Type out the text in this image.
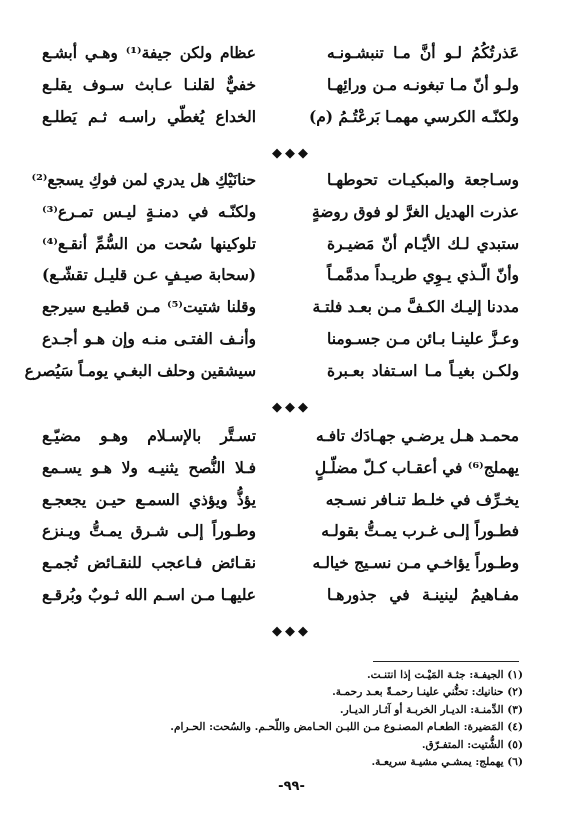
عَذرتُكُمُ لـو أنَّ مـا تنبشـونـه
عظام ولكن جيفة⁽¹⁾ وهـي أبشـع
ولـو أنّ مـا تبغونـه مـن ورائِهـا
خفيٌّ لقلنـا عـابث سـوف يقلـع
ولكنّـه الكرسي مهمـا بَرعْتُـمُ (م)
الخداع يُغطّي راسـه ثـم يَطلـع
◆◆◆
وسـاجعة والمبكيـات تحوطهـا
حنانَيْكِ هل يدري لمن فوكِ يسجع⁽²⁾
عذرت الهديل الغرَّ لو فوق روضةٍ
ولكنّـه في دمنـةٍ ليـس تمـرع⁽³⁾
ستبدي لـك الأيّـام أنّ مَضيـرة
تلوكينها سُحت من السُّمِّ أنقـع⁽⁴⁾
وأنّ الّـذي يـوِي طريـداً مدمَّمـاً
(سحابة صيـفٍ عـن قليـل تقشّـع)
مددنا إليـك الكـفَّ مـن بعـد فلتـة
وقلنا شتيت⁽⁵⁾ مـن قطيـع سيرجع
وعـزَّ علينـا بـائن مـن جسـومنا
وأنـف الفتـى منـه وإن هـو أجـدع
ولكـن بغيـاً مـا اسـتفاد بعـبرة
سيشقين وحلف البغـي يومـاً سَيُصرع
◆◆◆
محمـد هـل يرضـي جهـادَك تافـه
تسـتَّر بالإسـلام وهـو مضيّـع
يهملج⁽⁶⁾ في أعقـاب كـلّ مضلّـلٍ
فـلا النُّصح يثنيـه ولا هـو يسـمع
يخـرِّف في خلـط تنـافر نسـجه
يؤذُّ ويؤذي السمـع حيـن يجعجـع
فطـوراً إلـى غـرب يمـتُّ بقولـه
وطـوراً إلـى شـرق يمـتُّ ويـنزع
وطـوراً يؤاخـي مـن نسـيج خيالـه
نقـائض فـاعجب للنقـائض تُجمـع
مفـاهيمُ لينينـة في جذورهـا
عليهـا مـن اسـم الله ثـوبٌ وبُرقـع
◆◆◆
(١) الجيفـة: جثـة المَيْـت إذا انتنـت.
(٢) حنانيك: تحنُّني علينـا رحمـةً بعـد رحمـة.
(٣) الدِّمنـة: الديـار الخربـة أو آثـار الديـار.
(٤) المَضيرة: الطعـام المصنـوع مـن اللبـن الحـامض واللّحـم. والسُحت: الحـرام.
(٥) الشُّتيت: المتفـرّق.
(٦) يهملج: يمشـي مشيـة سريعـة.
-٩٩-
